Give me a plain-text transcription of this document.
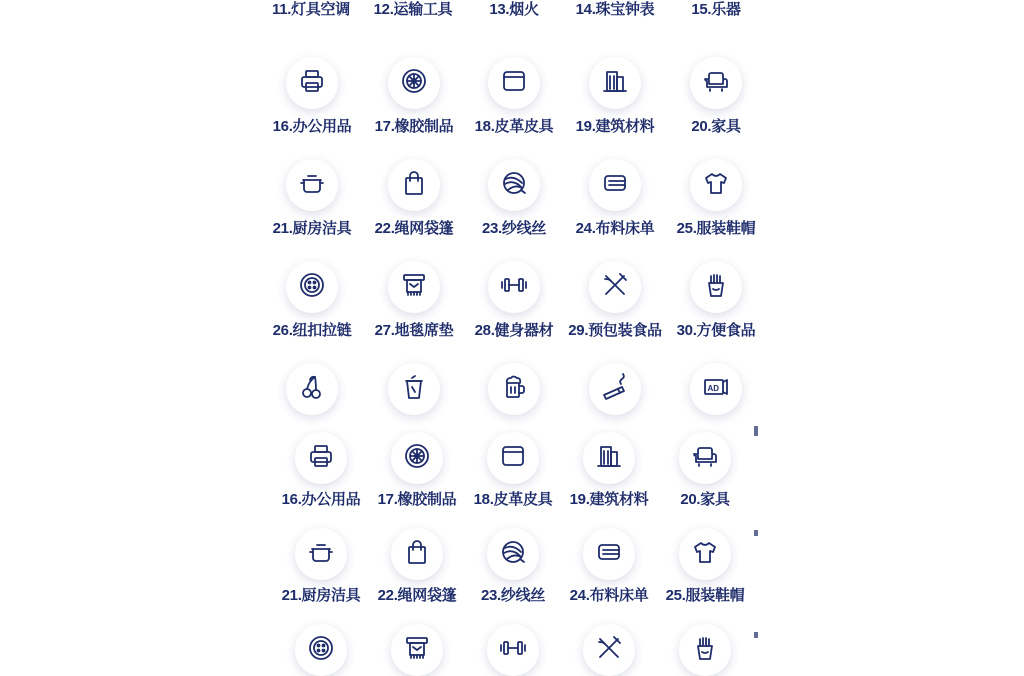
11.灯具空调	12.运输工具	13.烟火	14.珠宝钟表	15.乐器
16.办公用品	17.橡胶制品	18.皮革皮具	19.建筑材料	20.家具
21.厨房洁具	22.绳网袋篷	23.纱线丝	24.布料床单	25.服装鞋帽
26.纽扣拉链	27.地毯席垫	28.健身器材 29.预包装食品 30.方便食品
AD
16.办公用品	17.橡胶制品	18.皮革皮具	19.建筑材料	20.家具
21.厨房洁具	22.绳网袋篷	23.纱线丝	24.布料床单	25.服装鞋帽
